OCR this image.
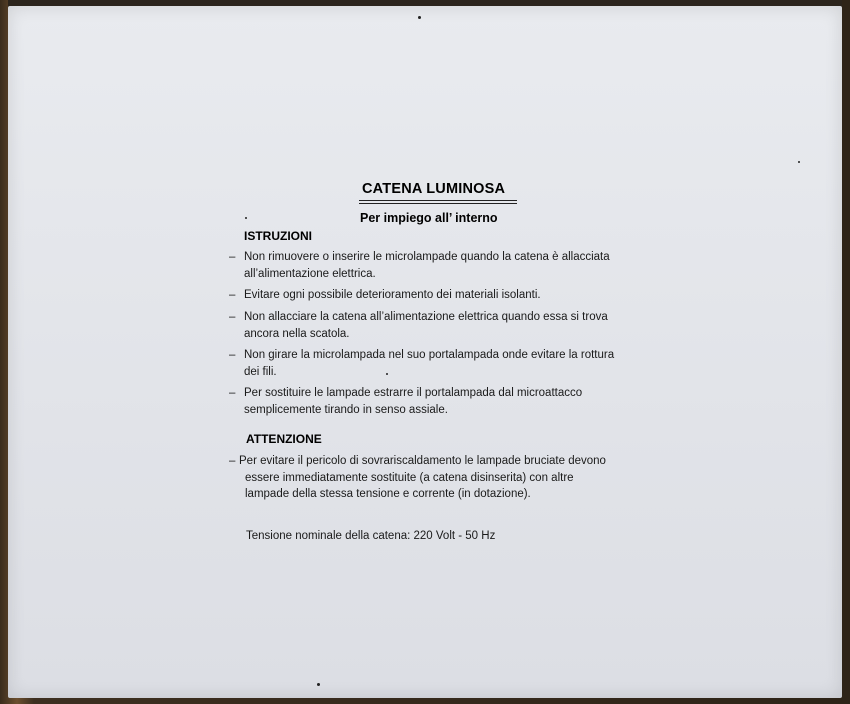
CATENA LUMINOSA
Per impiego all’ interno
ISTRUZIONI
– Non rimuovere o inserire le microlampade quando la catena è allacciata
all’alimentazione elettrica.
– Evitare ogni possibile deterioramento dei materiali isolanti.
– Non allacciare la catena all’alimentazione elettrica quando essa si trova
ancora nella scatola.
– Non girare la microlampada nel suo portalampada onde evitare la rottura
dei fili.
– Per sostituire le lampade estrarre il portalampada dal microattacco
semplicemente tirando in senso assiale.
ATTENZIONE
– Per evitare il pericolo di sovrariscaldamento le lampade bruciate devono
essere immediatamente sostituite (a catena disinserita) con altre
lampade della stessa tensione e corrente (in dotazione).
Tensione nominale della catena: 220 Volt - 50 Hz
